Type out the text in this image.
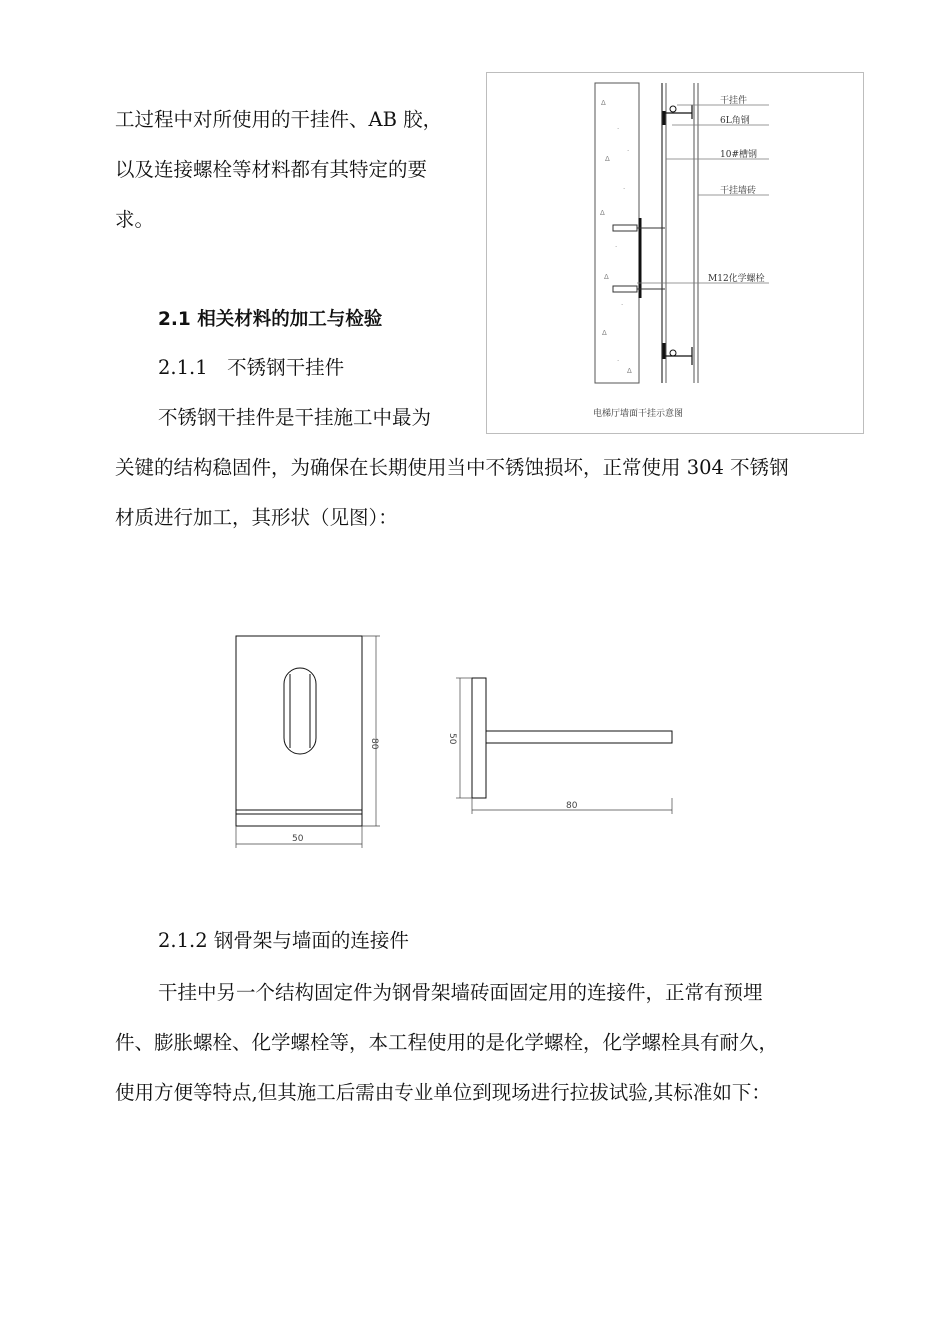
工过程中对所使用的干挂件、AB 胶，
以及连接螺栓等材料都有其特定的要
求。
2.1 相关材料的加工与检验
2.1.1　不锈钢干挂件
不锈钢干挂件是干挂施工中最为
关键的结构稳固件，为确保在长期使用当中不锈蚀损坏，正常使用 304 不锈钢
材质进行加工，其形状（见图）：
Δ
·
Δ
·
Δ
·
Δ
·
Δ
·
·
Δ
干挂件
6L角钢
10#槽钢
干挂墙砖
M12化学螺栓
电梯厅墙面干挂示意图
80
50
50
80
2.1.2 钢骨架与墙面的连接件
干挂中另一个结构固定件为钢骨架墙砖面固定用的连接件，正常有预埋
件、膨胀螺栓、化学螺栓等，本工程使用的是化学螺栓，化学螺栓具有耐久，
使用方便等特点,但其施工后需由专业单位到现场进行拉拔试验,其标准如下：
